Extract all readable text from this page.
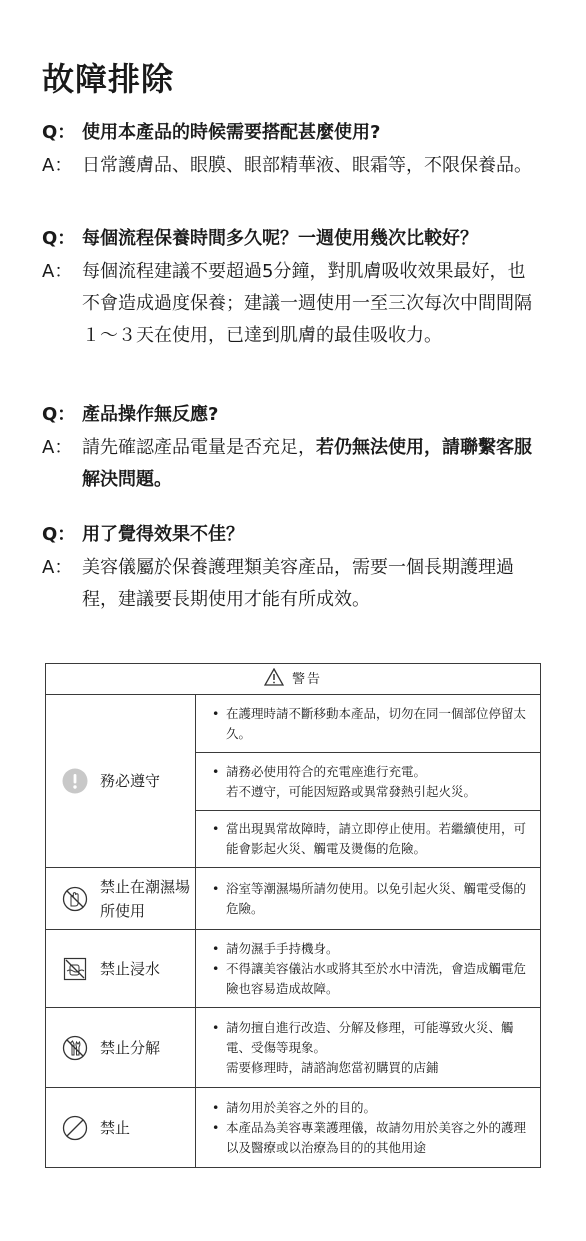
故障排除
Q： 使用本產品的時候需要搭配甚麼使用?
A： 日常護膚品、眼膜、眼部精華液、眼霜等，不限保養品。
Q： 每個流程保養時間多久呢？一週使用幾次比較好？
A： 每個流程建議不要超過5分鐘，對肌膚吸收效果最好，也不會造成過度保養；建議一週使用一至三次每次中間間隔１～３天在使用，已達到肌膚的最佳吸收力。
Q： 產品操作無反應?
A： 請先確認產品電量是否充足，若仍無法使用，請聯繫客服解決問題。
Q： 用了覺得效果不佳？
A： 美容儀屬於保養護理類美容產品，需要一個長期護理過程，建議要長期使用才能有所成效。
警告	

務必遵守	• 在護理時請不斷移動本產品，切勿在同一個部位停留太久。

	• 請務必使用符合的充電座進行充電。
若不遵守，可能因短路或異常發熱引起火災。

	• 當出現異常故障時，請立即停止使用。若繼續使用，可能會影起火災、觸電及燙傷的危險。

禁止在潮濕場所使用	• 浴室等潮濕場所請勿使用。以免引起火災、觸電受傷的危險。

禁止浸水	• 請勿濕手手持機身。
• 不得讓美容儀沾水或將其至於水中清洗，會造成觸電危險也容易造成故障。

禁止分解	• 請勿擅自進行改造、分解及修理，可能導致火災、觸電、受傷等現象。
需要修理時，請諮詢您當初購買的店鋪

禁止	• 請勿用於美容之外的目的。
• 本產品為美容專業護理儀，故請勿用於美容之外的護理以及醫療或以治療為目的的其他用途
